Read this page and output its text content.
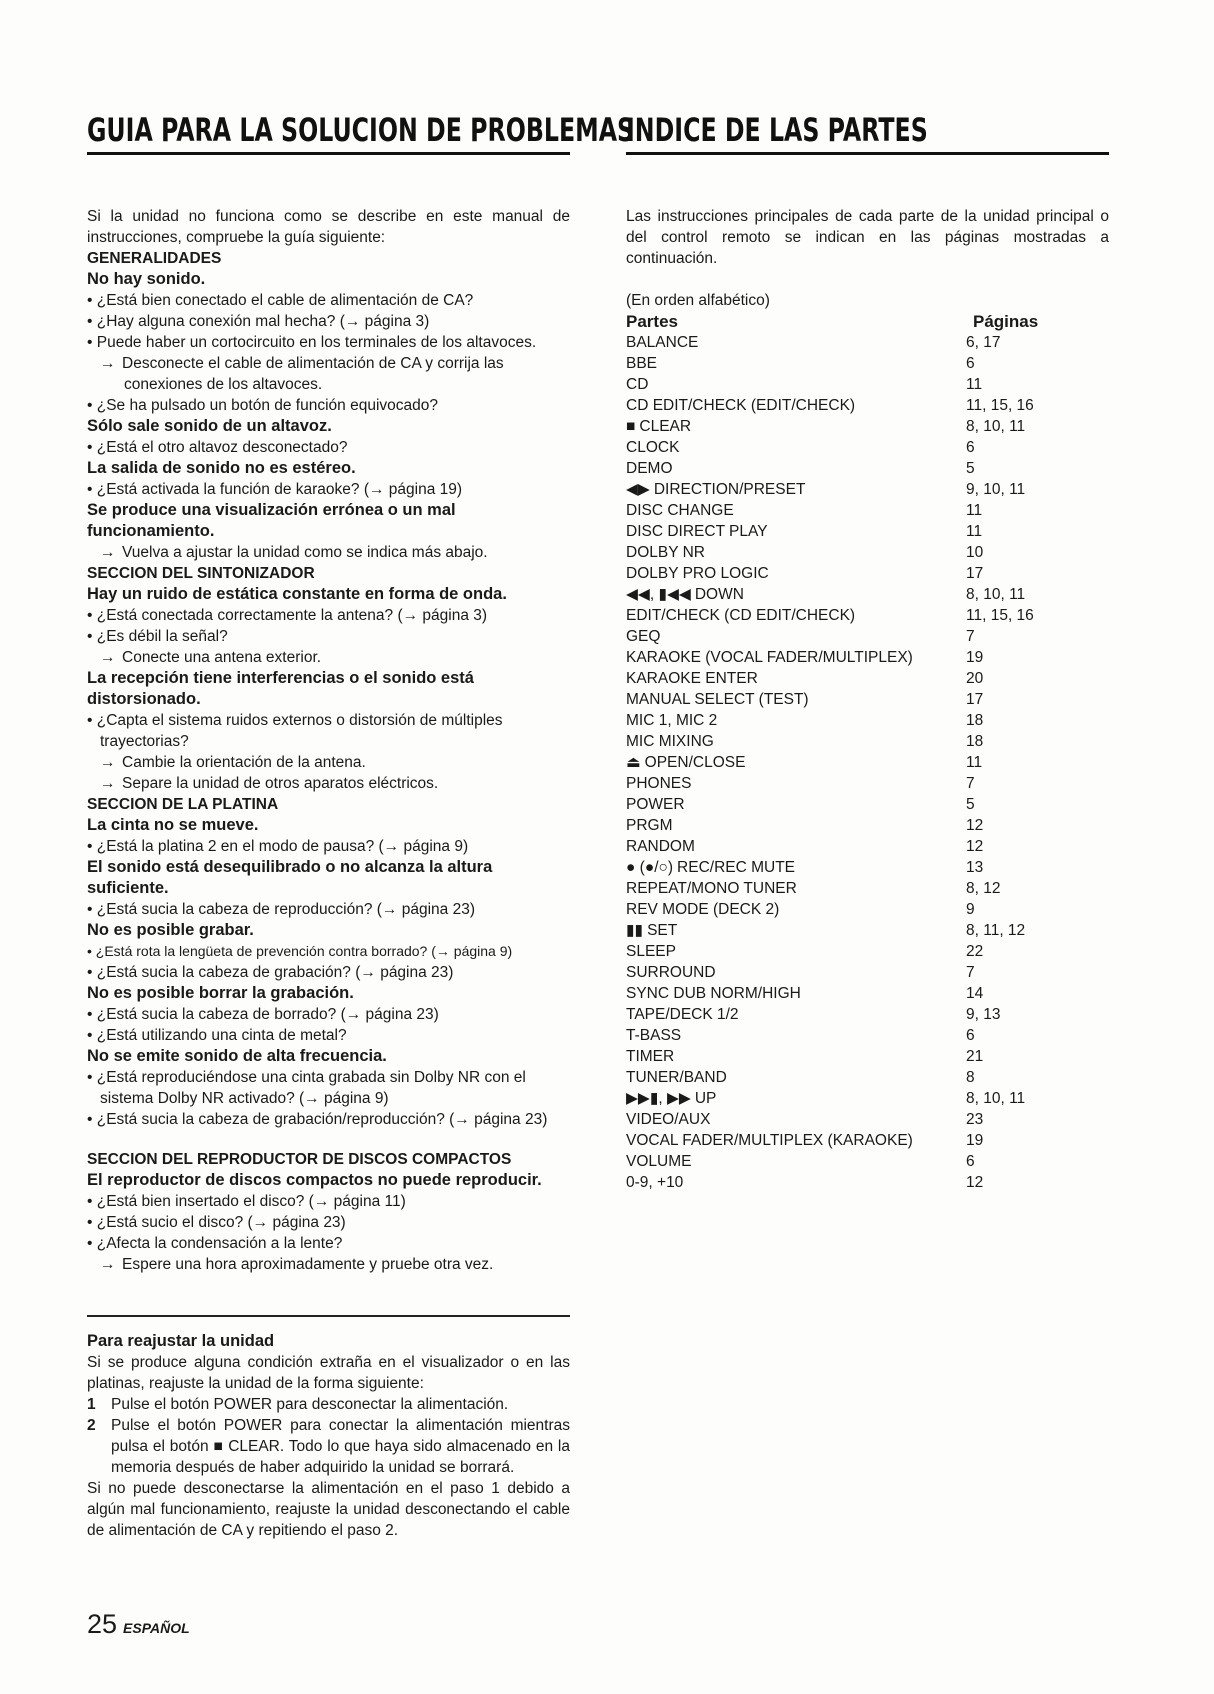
GUIA PARA LA SOLUCION DE PROBLEMAS
INDICE DE LAS PARTES

Si la unidad no funciona como se describe en este manual de instrucciones, compruebe la guía siguiente:

GENERALIDADES

No hay sonido.

• ¿Está bien conectado el cable de alimentación de CA?

• ¿Hay alguna conexión mal hecha? (→ página 3)

• Puede haber un cortocircuito en los terminales de los altavoces.

→ Desconecte el cable de alimentación de CA y corrija las conexiones de los altavoces.

• ¿Se ha pulsado un botón de función equivocado?

Sólo sale sonido de un altavoz.

• ¿Está el otro altavoz desconectado?

La salida de sonido no es estéreo.

• ¿Está activada la función de karaoke? (→ página 19)

Se produce una visualización errónea o un mal funcionamiento.

→ Vuelva a ajustar la unidad como se indica más abajo.

SECCION DEL SINTONIZADOR

Hay un ruido de estática constante en forma de onda.

• ¿Está conectada correctamente la antena? (→ página 3)

• ¿Es débil la señal?

→ Conecte una antena exterior.

La recepción tiene interferencias o el sonido está distorsionado.

• ¿Capta el sistema ruidos externos o distorsión de múltiples trayectorias?

→ Cambie la orientación de la antena.

→ Separe la unidad de otros aparatos eléctricos.

SECCION DE LA PLATINA

La cinta no se mueve.

• ¿Está la platina 2 en el modo de pausa? (→ página 9)

El sonido está desequilibrado o no alcanza la altura suficiente.

• ¿Está sucia la cabeza de reproducción? (→ página 23)

No es posible grabar.

• ¿Está rota la lengüeta de prevención contra borrado? (→ página 9)

• ¿Está sucia la cabeza de grabación? (→ página 23)

No es posible borrar la grabación.

• ¿Está sucia la cabeza de borrado? (→ página 23)

• ¿Está utilizando una cinta de metal?

No se emite sonido de alta frecuencia.

• ¿Está reproduciéndose una cinta grabada sin Dolby NR con el sistema Dolby NR activado? (→ página 9)

• ¿Está sucia la cabeza de grabación/reproducción? (→ página 23)

SECCION DEL REPRODUCTOR DE DISCOS COMPACTOS

El reproductor de discos compactos no puede reproducir.

• ¿Está bien insertado el disco? (→ página 11)

• ¿Está sucio el disco? (→ página 23)

• ¿Afecta la condensación a la lente?

→ Espere una hora aproximadamente y pruebe otra vez.

Para reajustar la unidad

Si se produce alguna condición extraña en el visualizador o en las platinas, reajuste la unidad de la forma siguiente:

1 Pulse el botón POWER para desconectar la alimentación.

2 Pulse el botón POWER para conectar la alimentación mientras pulsa el botón ■ CLEAR. Todo lo que haya sido almacenado en la memoria después de haber adquirido la unidad se borrará.

Si no puede desconectarse la alimentación en el paso 1 debido a algún mal funcionamiento, reajuste la unidad desconectando el cable de alimentación de CA y repitiendo el paso 2.

Las instrucciones principales de cada parte de la unidad principal o del control remoto se indican en las páginas mostradas a continuación.

(En orden alfabético)

Partes	Páginas
BALANCE	6, 17
BBE	6
CD	11
CD EDIT/CHECK (EDIT/CHECK)	11, 15, 16
■ CLEAR	8, 10, 11
CLOCK	6
DEMO	5
◀▶ DIRECTION/PRESET	9, 10, 11
DISC CHANGE	11
DISC DIRECT PLAY	11
DOLBY NR	10
DOLBY PRO LOGIC	17
◀◀, ▮◀◀ DOWN	8, 10, 11
EDIT/CHECK (CD EDIT/CHECK)	11, 15, 16
GEQ	7
KARAOKE (VOCAL FADER/MULTIPLEX)	19
KARAOKE ENTER	20
MANUAL SELECT (TEST)	17
MIC 1, MIC 2	18
MIC MIXING	18
⏏ OPEN/CLOSE	11
PHONES	7
POWER	5
PRGM	12
RANDOM	12
● (●/○) REC/REC MUTE	13
REPEAT/MONO TUNER	8, 12
REV MODE (DECK 2)	9
▮▮ SET	8, 11, 12
SLEEP	22
SURROUND	7
SYNC DUB NORM/HIGH	14
TAPE/DECK 1/2	9, 13
T-BASS	6
TIMER	21
TUNER/BAND	8
▶▶▮, ▶▶ UP	8, 10, 11
VIDEO/AUX	23
VOCAL FADER/MULTIPLEX (KARAOKE)	19
VOLUME	6
0-9, +10	12
25 ESPAÑOL
